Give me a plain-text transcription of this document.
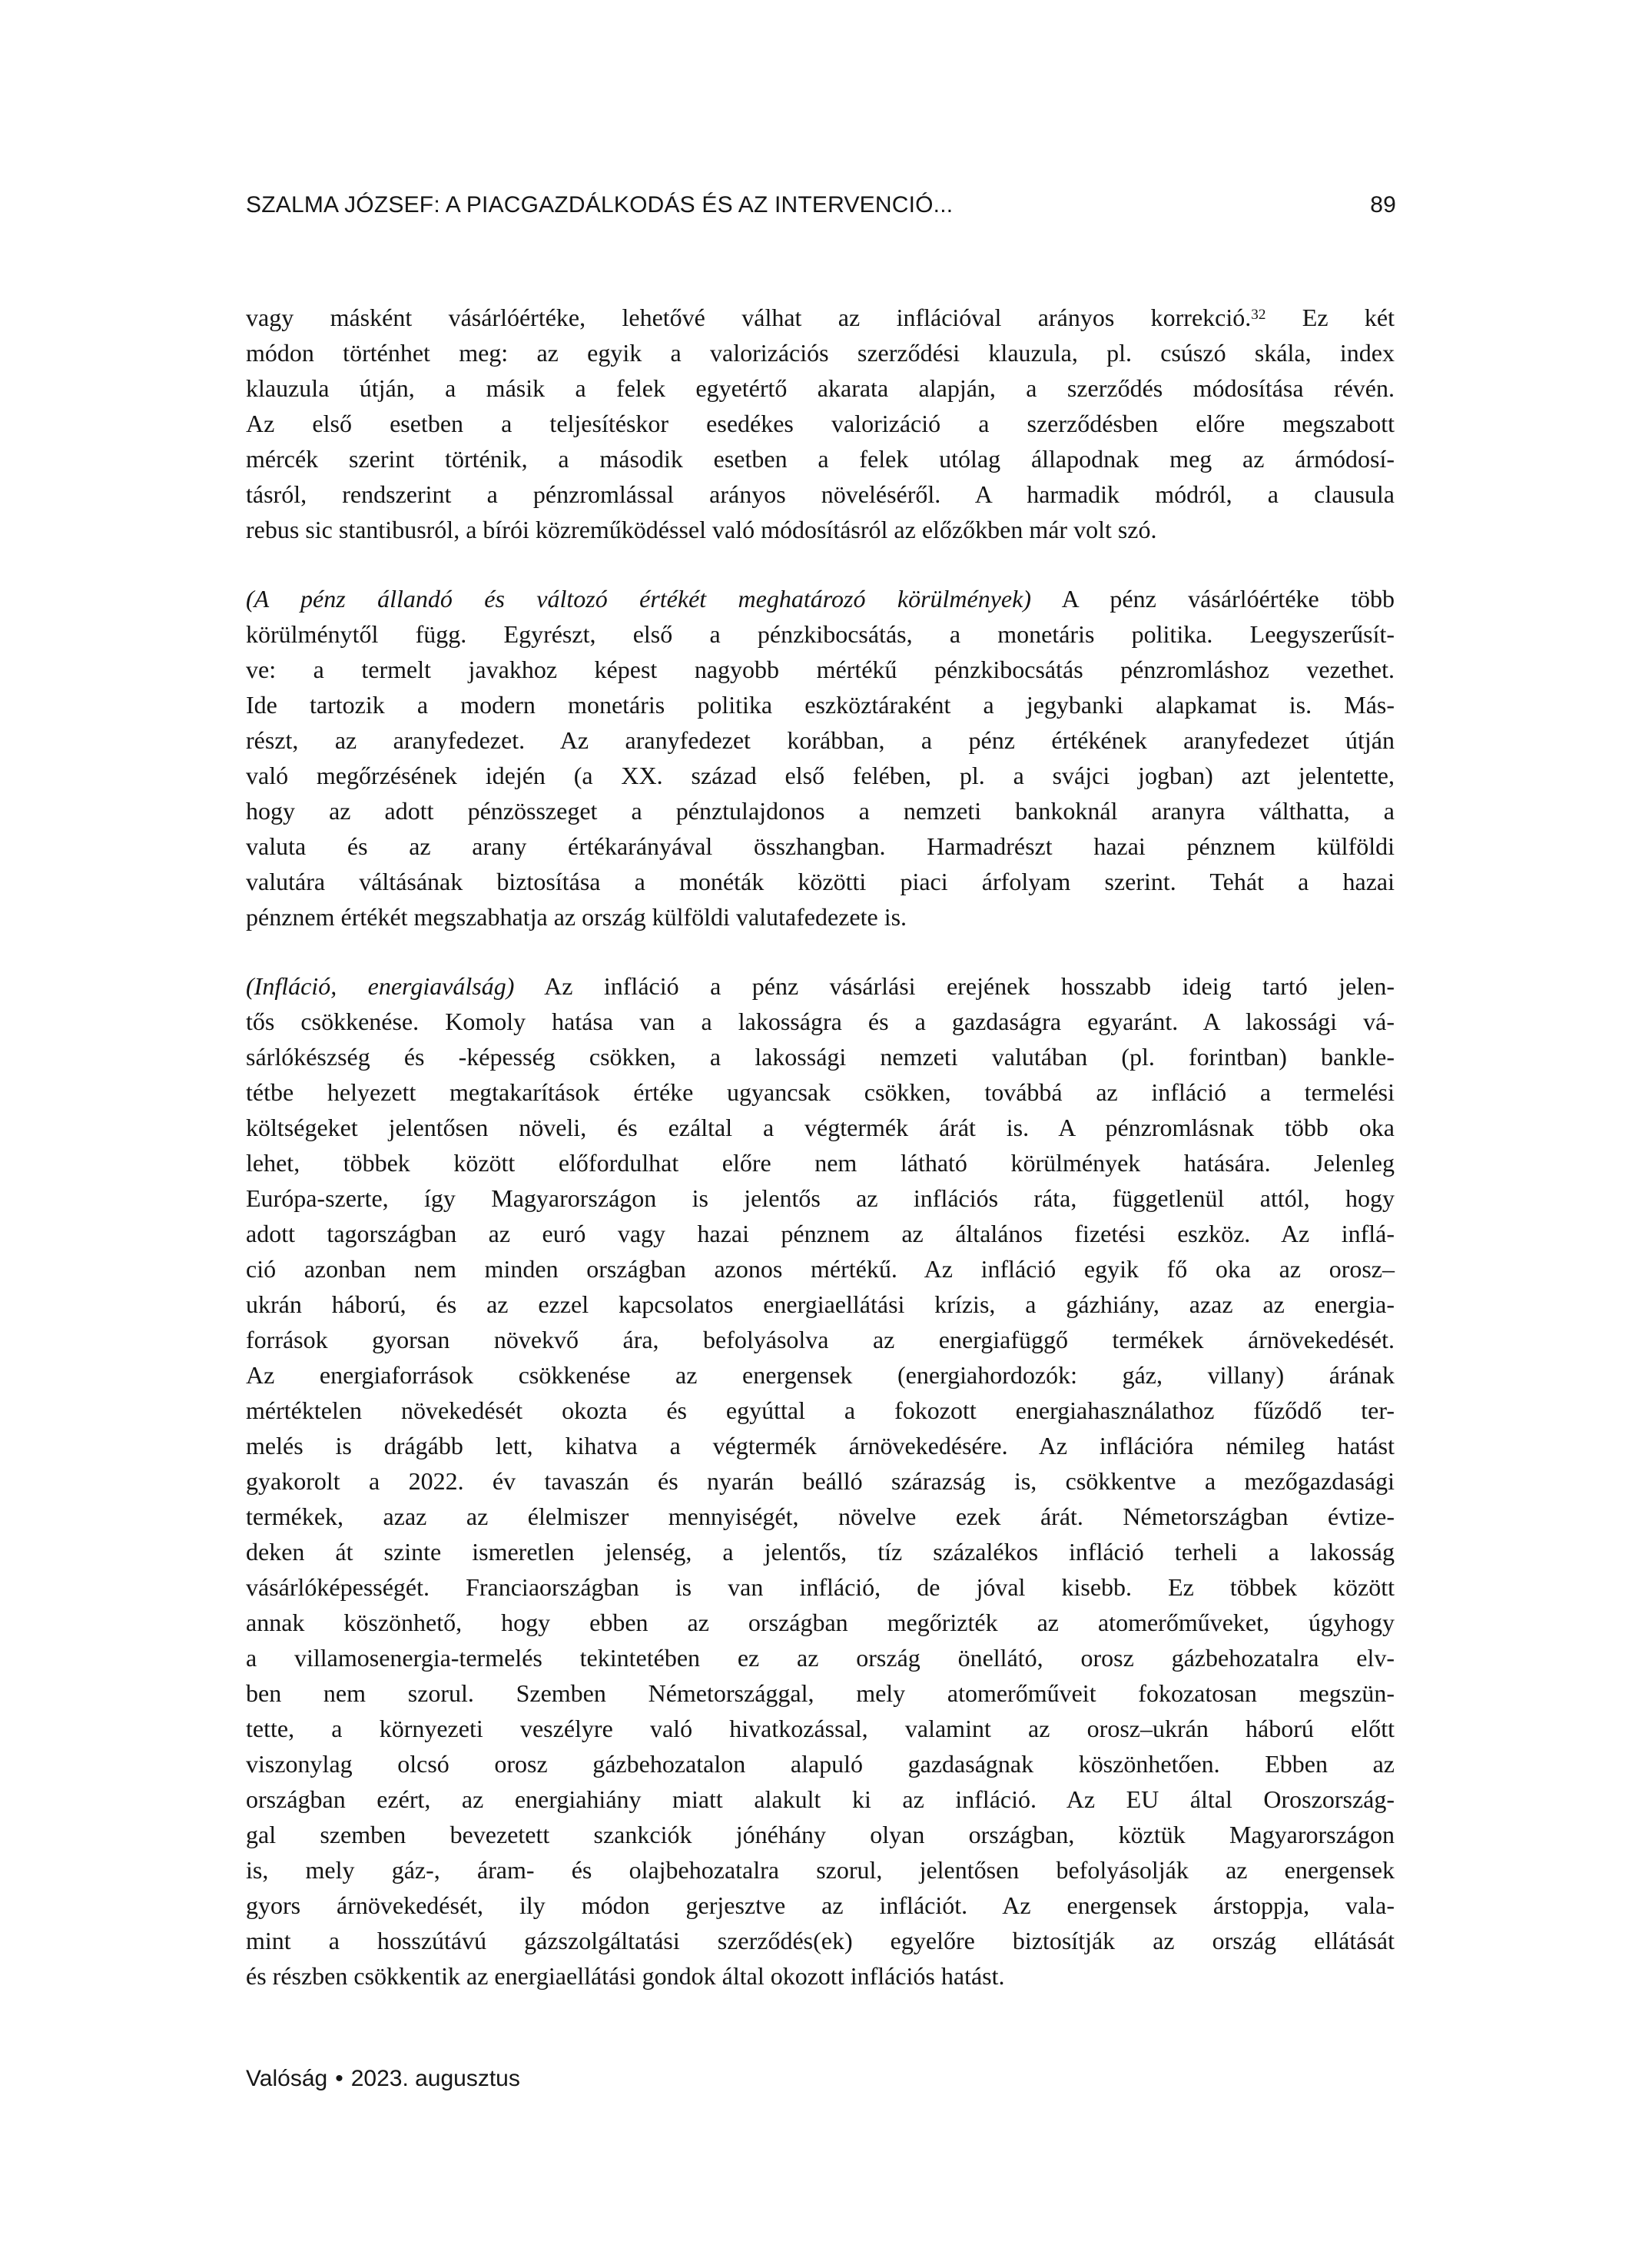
SZALMA JÓZSEF: A PIACGAZDÁLKODÁS ÉS AZ INTERVENCIÓ...	89
vagy másként vásárlóértéke, lehetővé válhat az inflációval arányos korrekció.$^{32}$ Ez két
módon történhet meg: az egyik a valorizációs szerződési klauzula, pl. csúszó skála, index
klauzula útján, a másik a felek egyetértő akarata alapján, a szerződés módosítása révén.
Az első esetben a teljesítéskor esedékes valorizáció a szerződésben előre megszabott
mércék szerint történik, a második esetben a felek utólag állapodnak meg az ármódosí-
tásról, rendszerint a pénzromlással arányos növeléséről. A harmadik módról, a clausula
rebus sic stantibusról, a bírói közreműködéssel való módosításról az előzőkben már volt szó.
(A pénz állandó és változó értékét meghatározó körülmények) A pénz vásárlóértéke több
körülménytől függ. Egyrészt, első a pénzkibocsátás, a monetáris politika. Leegyszerűsít-
ve: a termelt javakhoz képest nagyobb mértékű pénzkibocsátás pénzromláshoz vezethet.
Ide tartozik a modern monetáris politika eszköztáraként a jegybanki alapkamat is. Más-
részt, az aranyfedezet. Az aranyfedezet korábban, a pénz értékének aranyfedezet útján
való megőrzésének idején (a XX. század első felében, pl. a svájci jogban) azt jelentette,
hogy az adott pénzösszeget a pénztulajdonos a nemzeti bankoknál aranyra válthatta, a
valuta és az arany értékarányával összhangban. Harmadrészt hazai pénznem külföldi
valutára váltásának biztosítása a monéták közötti piaci árfolyam szerint. Tehát a hazai
pénznem értékét megszabhatja az ország külföldi valutafedezete is.
(Infláció, energiaválság) Az infláció a pénz vásárlási erejének hosszabb ideig tartó jelen-
tős csökkenése. Komoly hatása van a lakosságra és a gazdaságra egyaránt. A lakossági vá-
sárlókészség és -képesség csökken, a lakossági nemzeti valutában (pl. forintban) bankle-
tétbe helyezett megtakarítások értéke ugyancsak csökken, továbbá az infláció a termelési
költségeket jelentősen növeli, és ezáltal a végtermék árát is. A pénzromlásnak több oka
lehet, többek között előfordulhat előre nem látható körülmények hatására. Jelenleg
Európa-szerte, így Magyarországon is jelentős az inflációs ráta, függetlenül attól, hogy
adott tagországban az euró vagy hazai pénznem az általános fizetési eszköz. Az inflá-
ció azonban nem minden országban azonos mértékű. Az infláció egyik fő oka az orosz–
ukrán háború, és az ezzel kapcsolatos energiaellátási krízis, a gázhiány, azaz az energia-
források gyorsan növekvő ára, befolyásolva az energiafüggő termékek árnövekedését.
Az energiaforrások csökkenése az energensek (energiahordozók: gáz, villany) árának
mértéktelen növekedését okozta és egyúttal a fokozott energiahasználathoz fűződő ter-
melés is drágább lett, kihatva a végtermék árnövekedésére. Az inflációra némileg hatást
gyakorolt a 2022. év tavaszán és nyarán beálló szárazság is, csökkentve a mezőgazdasági
termékek, azaz az élelmiszer mennyiségét, növelve ezek árát. Németországban évtize-
deken át szinte ismeretlen jelenség, a jelentős, tíz százalékos infláció terheli a lakosság
vásárlóképességét. Franciaországban is van infláció, de jóval kisebb. Ez többek között
annak köszönhető, hogy ebben az országban megőrizték az atomerőműveket, úgyhogy
a villamosenergia-termelés tekintetében ez az ország önellátó, orosz gázbehozatalra elv-
ben nem szorul. Szemben Németországgal, mely atomerőműveit fokozatosan megszün-
tette, a környezeti veszélyre való hivatkozással, valamint az orosz–ukrán háború előtt
viszonylag olcsó orosz gázbehozatalon alapuló gazdaságnak köszönhetően. Ebben az
országban ezért, az energiahiány miatt alakult ki az infláció. Az EU által Oroszország-
gal szemben bevezetett szankciók jónéhány olyan országban, köztük Magyarországon
is, mely gáz-, áram- és olajbehozatalra szorul, jelentősen befolyásolják az energensek
gyors árnövekedését, ily módon gerjesztve az inflációt. Az energensek árstoppja, vala-
mint a hosszútávú gázszolgáltatási szerződés(ek) egyelőre biztosítják az ország ellátását
és részben csökkentik az energiaellátási gondok által okozott inflációs hatást.
Valóság • 2023. augusztus
